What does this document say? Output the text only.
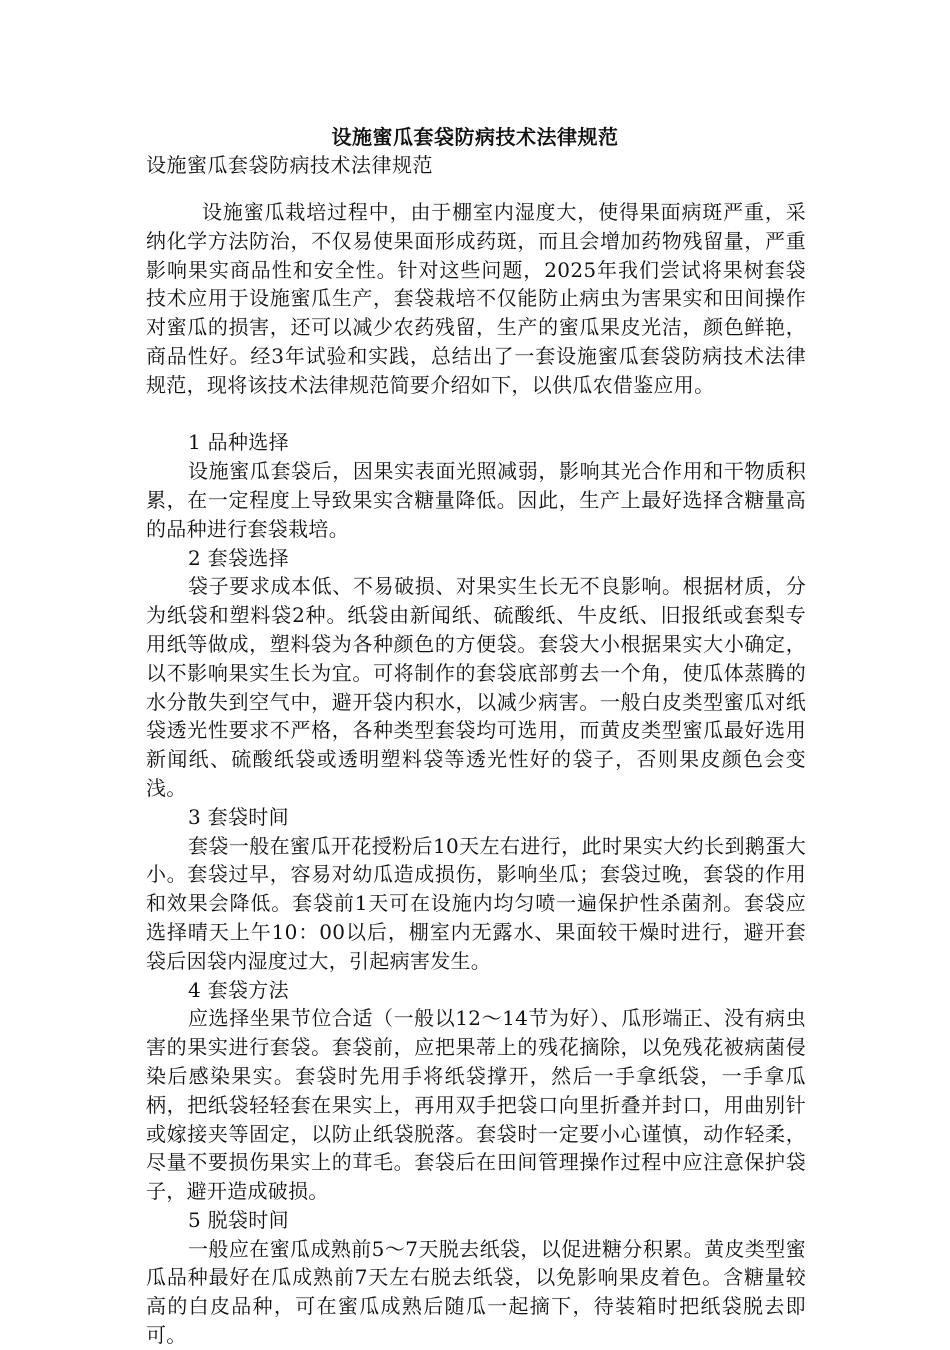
设施蜜瓜套袋防病技术法律规范
设施蜜瓜套袋防病技术法律规范

设施蜜瓜栽培过程中，由于棚室内湿度大，使得果面病斑严重，采纳化学方法防治，不仅易使果面形成药斑，而且会增加药物残留量，严重影响果实商品性和安全性。针对这些问题，2025年我们尝试将果树套袋技术应用于设施蜜瓜生产，套袋栽培不仅能防止病虫为害果实和田间操作对蜜瓜的损害，还可以减少农药残留，生产的蜜瓜果皮光洁，颜色鲜艳，商品性好。经3年试验和实践，总结出了一套设施蜜瓜套袋防病技术法律规范，现将该技术法律规范简要介绍如下，以供瓜农借鉴应用。

1 品种选择

设施蜜瓜套袋后，因果实表面光照减弱，影响其光合作用和干物质积累，在一定程度上导致果实含糖量降低。因此，生产上最好选择含糖量高的品种进行套袋栽培。

2 套袋选择

袋子要求成本低、不易破损、对果实生长无不良影响。根据材质，分为纸袋和塑料袋2种。纸袋由新闻纸、硫酸纸、牛皮纸、旧报纸或套梨专用纸等做成，塑料袋为各种颜色的方便袋。套袋大小根据果实大小确定，以不影响果实生长为宜。可将制作的套袋底部剪去一个角，使瓜体蒸腾的水分散失到空气中，避开袋内积水，以减少病害。一般白皮类型蜜瓜对纸袋透光性要求不严格，各种类型套袋均可选用，而黄皮类型蜜瓜最好选用新闻纸、硫酸纸袋或透明塑料袋等透光性好的袋子，否则果皮颜色会变浅。

3 套袋时间

套袋一般在蜜瓜开花授粉后10天左右进行，此时果实大约长到鹅蛋大小。套袋过早，容易对幼瓜造成损伤，影响坐瓜；套袋过晚，套袋的作用和效果会降低。套袋前1天可在设施内均匀喷一遍保护性杀菌剂。套袋应选择晴天上午10：00以后，棚室内无露水、果面较干燥时进行，避开套袋后因袋内湿度过大，引起病害发生。

4 套袋方法

应选择坐果节位合适（一般以12～14节为好）、瓜形端正、没有病虫害的果实进行套袋。套袋前，应把果蒂上的残花摘除，以免残花被病菌侵染后感染果实。套袋时先用手将纸袋撑开，然后一手拿纸袋，一手拿瓜柄，把纸袋轻轻套在果实上，再用双手把袋口向里折叠并封口，用曲别针或嫁接夹等固定，以防止纸袋脱落。套袋时一定要小心谨慎，动作轻柔，尽量不要损伤果实上的茸毛。套袋后在田间管理操作过程中应注意保护袋子，避开造成破损。

5 脱袋时间

一般应在蜜瓜成熟前5～7天脱去纸袋，以促进糖分积累。黄皮类型蜜瓜品种最好在瓜成熟前7天左右脱去纸袋，以免影响果皮着色。含糖量较高的白皮品种，可在蜜瓜成熟后随瓜一起摘下，待装箱时把纸袋脱去即可。
